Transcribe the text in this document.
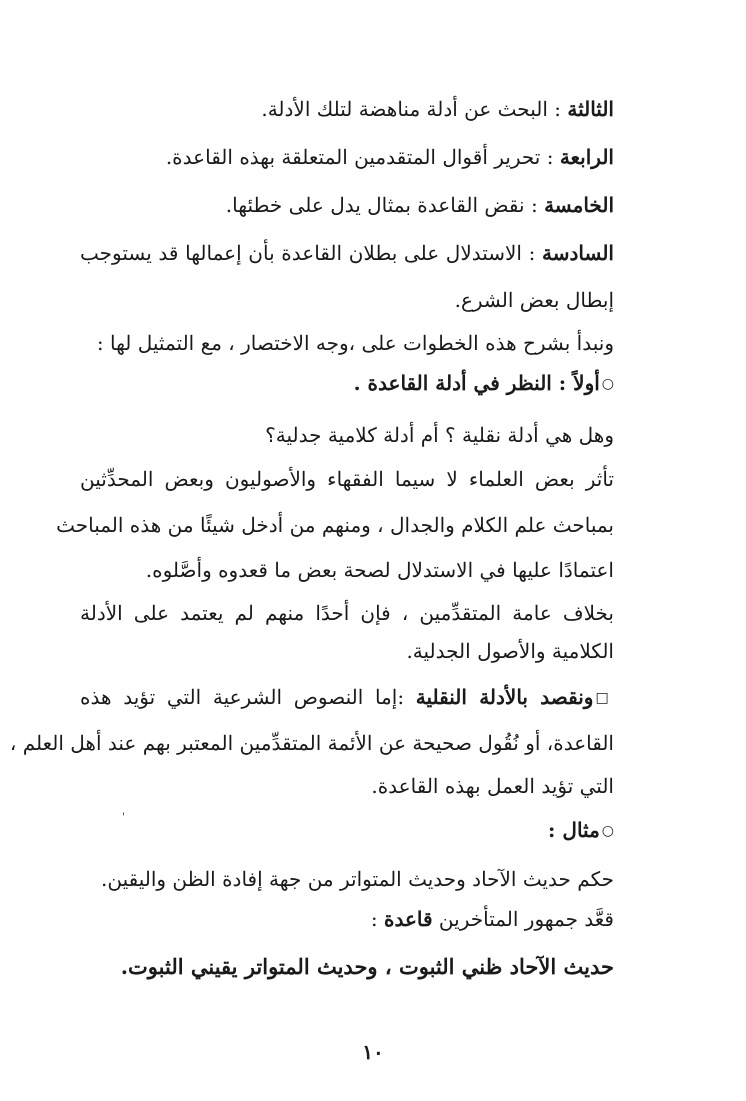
الثالثة : البحث عن أدلة مناهضة لتلك الأدلة.
الرابعة : تحرير أقوال المتقدمين المتعلقة بهذه القاعدة.
الخامسة : نقض القاعدة بمثال يدل على خطئها.
السادسة : الاستدلال على بطلان القاعدة بأن إعمالها قد يستوجب
إبطال بعض الشرع.
ونبدأ بشرح هذه الخطوات على ،وجه الاختصار ، مع التمثيل لها :
○أولاً : النظر في أدلة القاعدة .
وهل هي أدلة نقلية ؟ أم أدلة كلامية جدلية؟
تأثر بعض العلماء لا سيما الفقهاء والأصوليون وبعض المحدِّثين
بمباحث علم الكلام والجدال ، ومنهم من أدخل شيئًا من هذه المباحث
اعتمادًا عليها في الاستدلال لصحة بعض ما قعدوه وأصَّلوه.
بخلاف عامة المتقدِّمين ، فإن أحدًا منهم لم يعتمد على الأدلة
الكلامية والأصول الجدلية.
□ونقصد بالأدلة النقلية :إما النصوص الشرعية التي تؤيد هذه
القاعدة، أو نُقُول صحيحة عن الأئمة المتقدِّمين المعتبر بهم عند أهل العلم ،
التي تؤيد العمل بهذه القاعدة.
○مثال :
حكم حديث الآحاد وحديث المتواتر من جهة إفادة الظن واليقين.
قعَّد جمهور المتأخرين قاعدة :
حديث الآحاد ظني الثبوت ، وحديث المتواتر يقيني الثبوت.
'
١٠
